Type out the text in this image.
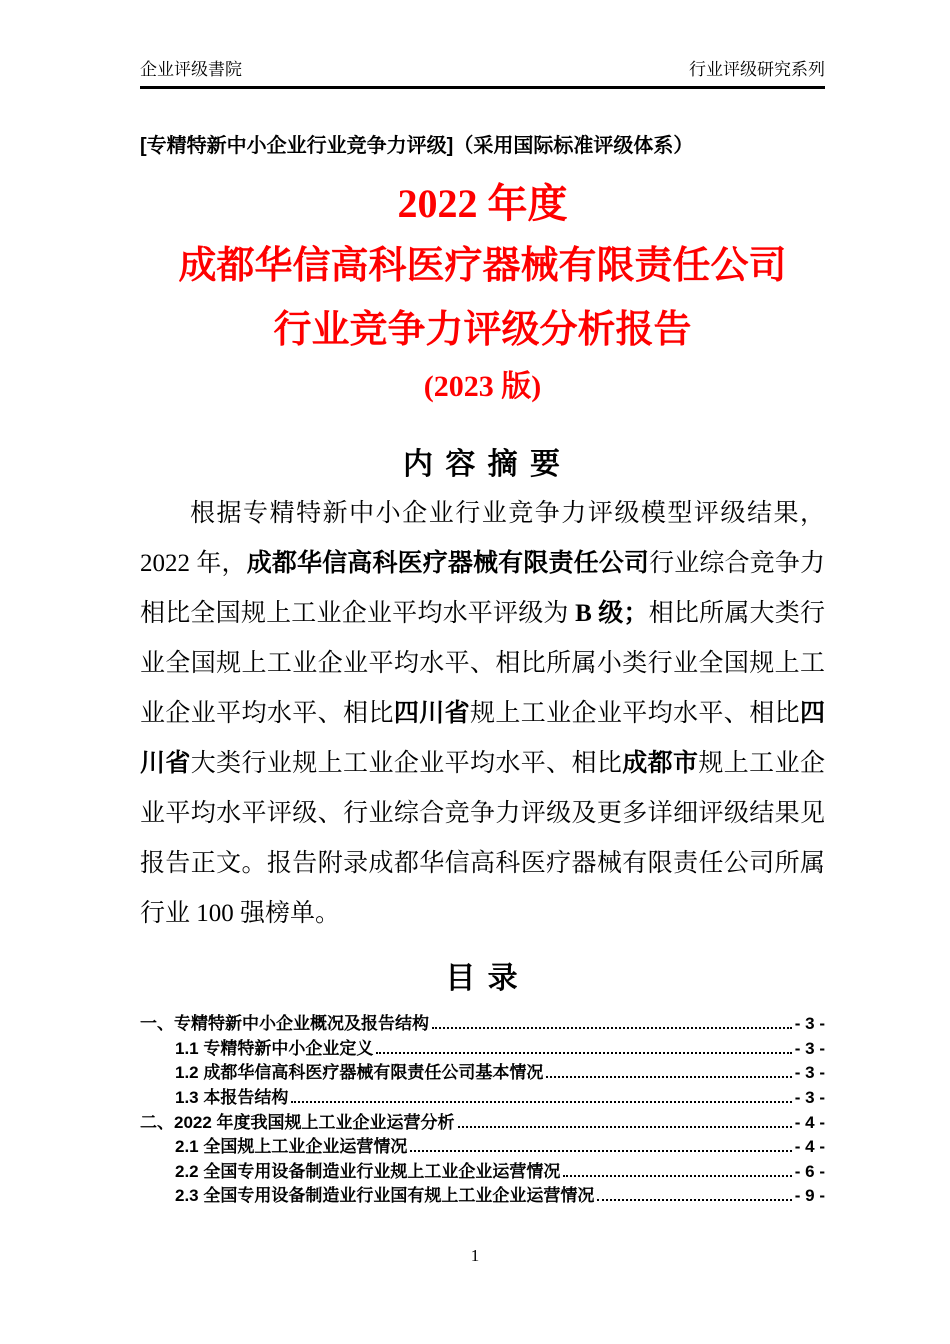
企业评级書院	行业评级研究系列
[专精特新中小企业行业竞争力评级]（采用国际标准评级体系）
2022 年度
成都华信高科医疗器械有限责任公司
行业竞争力评级分析报告
(2023 版)
内 容 摘 要

根据专精特新中小企业行业竞争力评级模型评级结果，2022 年，成都华信高科医疗器械有限责任公司行业综合竞争力相比全国规上工业企业平均水平评级为 B 级；相比所属大类行业全国规上工业企业平均水平、相比所属小类行业全国规上工业企业平均水平、相比四川省规上工业企业平均水平、相比四川省大类行业规上工业企业平均水平、相比成都市规上工业企业平均水平评级、行业综合竞争力评级及更多详细评级结果见报告正文。报告附录成都华信高科医疗器械有限责任公司所属行业 100 强榜单。

目 录
一、专精特新中小企业概况及报告结构	- 3 -
1.1 专精特新中小企业定义	- 3 -
1.2 成都华信高科医疗器械有限责任公司基本情况	- 3 -
1.3 本报告结构	- 3 -
二、2022 年度我国规上工业企业运营分析	- 4 -
2.1 全国规上工业企业运营情况	- 4 -
2.2 全国专用设备制造业行业规上工业企业运营情况	- 6 -
2.3 全国专用设备制造业行业国有规上工业企业运营情况	- 9 -
1
